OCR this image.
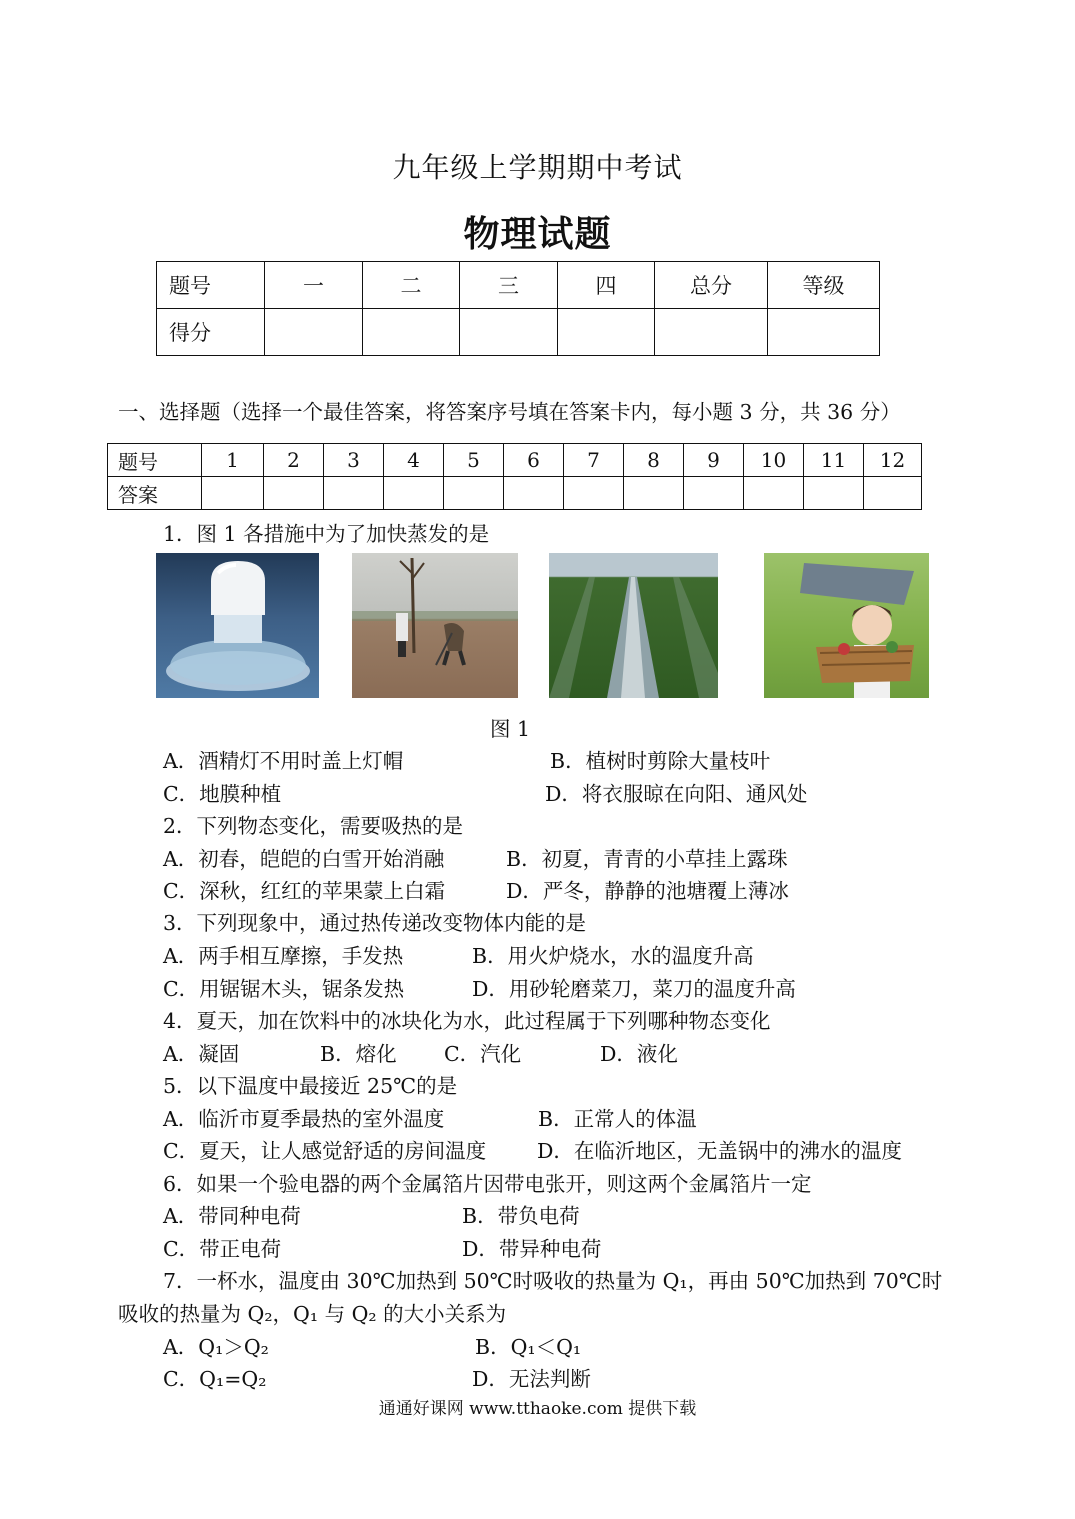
九年级上学期期中考试
物理试题
题号	一	二	三	四	总分	等级
得分						
一、选择题（选择一个最佳答案，将答案序号填在答案卡内，每小题 3 分，共 36 分）
题号	1	2	3	4	5	6	7	8	9	10	11	12
答案												
1．图 1 各措施中为了加快蒸发的是
图 1
A．酒精灯不用时盖上灯帽	B．植树时剪除大量枝叶
C．地膜种植	D．将衣服晾在向阳、通风处
2．下列物态变化，需要吸热的是
A．初春，皑皑的白雪开始消融	B．初夏，青青的小草挂上露珠
C．深秋，红红的苹果蒙上白霜	D．严冬，静静的池塘覆上薄冰
3．下列现象中，通过热传递改变物体内能的是
A．两手相互摩擦，手发热	B．用火炉烧水，水的温度升高
C．用锯锯木头，锯条发热	D．用砂轮磨菜刀，菜刀的温度升高
4．夏天，加在饮料中的冰块化为水，此过程属于下列哪种物态变化
A．凝固	B．熔化 C．汽化	D．液化
5．以下温度中最接近 25℃的是
A．临沂市夏季最热的室外温度	B．正常人的体温
C．夏天，让人感觉舒适的房间温度 D．在临沂地区，无盖锅中的沸水的温度
6．如果一个验电器的两个金属箔片因带电张开，则这两个金属箔片一定
A．带同种电荷	B．带负电荷
C．带正电荷	D．带异种电荷
7．一杯水，温度由 30℃加热到 50℃时吸收的热量为 Q₁，再由 50℃加热到 70℃时
吸收的热量为 Q₂，Q₁ 与 Q₂ 的大小关系为
A．Q₁＞Q₂	B．Q₁＜Q₁
C．Q₁=Q₂	D．无法判断
通通好课网 www.tthaoke.com 提供下载
